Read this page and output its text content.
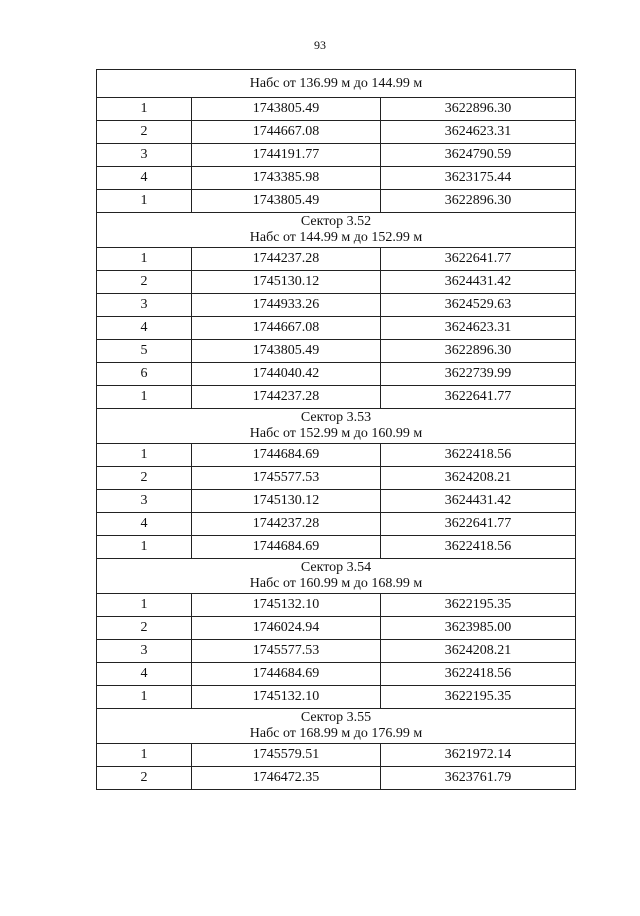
93
Набс от 136.99 м до 144.99 м		

1	1743805.49	3622896.30
2	1744667.08	3624623.31
3	1744191.77	3624790.59
4	1743385.98	3623175.44
1	1743805.49	3622896.30

Сектор 3.52
Набс от 144.99 м до 152.99 м		

1	1744237.28	3622641.77
2	1745130.12	3624431.42
3	1744933.26	3624529.63
4	1744667.08	3624623.31
5	1743805.49	3622896.30
6	1744040.42	3622739.99
1	1744237.28	3622641.77

Сектор 3.53
Набс от 152.99 м до 160.99 м		

1	1744684.69	3622418.56
2	1745577.53	3624208.21
3	1745130.12	3624431.42
4	1744237.28	3622641.77
1	1744684.69	3622418.56

Сектор 3.54
Набс от 160.99 м до 168.99 м		

1	1745132.10	3622195.35
2	1746024.94	3623985.00
3	1745577.53	3624208.21
4	1744684.69	3622418.56
1	1745132.10	3622195.35

Сектор 3.55
Набс от 168.99 м до 176.99 м		

1	1745579.51	3621972.14
2	1746472.35	3623761.79
